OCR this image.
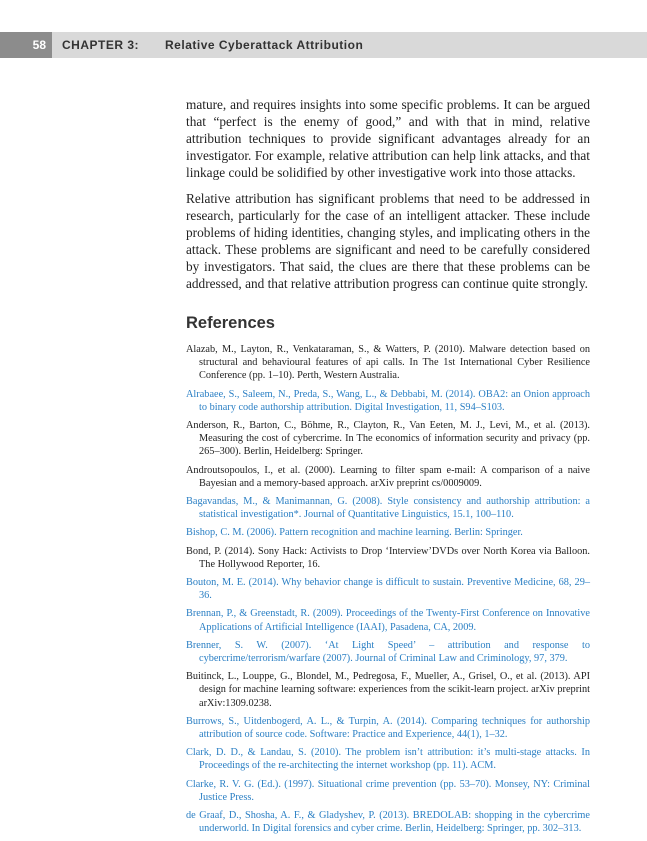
58	CHAPTER 3: Relative Cyberattack Attribution

mature, and requires insights into some specific problems. It can be argued that “perfect is the enemy of good,” and with that in mind, relative attribution techniques to provide significant advantages already for an investigator. For example, relative attribution can help link attacks, and that linkage could be solidified by other investigative work into those attacks.

Relative attribution has significant problems that need to be addressed in research, particularly for the case of an intelligent attacker. These include problems of hiding identities, changing styles, and implicating others in the attack. These problems are significant and need to be carefully considered by investigators. That said, the clues are there that these problems can be addressed, and that relative attribution progress can continue quite strongly.

References
Alazab, M., Layton, R., Venkataraman, S., & Watters, P. (2010). Malware detection based on structural and behavioural features of api calls. In The 1st International Cyber Resilience Conference (pp. 1–10). Perth, Western Australia.
Alrabaee, S., Saleem, N., Preda, S., Wang, L., & Debbabi, M. (2014). OBA2: an Onion approach to binary code authorship attribution. Digital Investigation, 11, S94–S103.
Anderson, R., Barton, C., Böhme, R., Clayton, R., Van Eeten, M. J., Levi, M., et al. (2013). Measuring the cost of cybercrime. In The economics of information security and privacy (pp. 265–300). Berlin, Heidelberg: Springer.
Androutsopoulos, I., et al. (2000). Learning to filter spam e-mail: A comparison of a naive Bayesian and a memory-based approach. arXiv preprint cs/0009009.
Bagavandas, M., & Manimannan, G. (2008). Style consistency and authorship attribution: a statistical investigation*. Journal of Quantitative Linguistics, 15.1, 100–110.
Bishop, C. M. (2006). Pattern recognition and machine learning. Berlin: Springer.
Bond, P. (2014). Sony Hack: Activists to Drop ‘Interview’DVDs over North Korea via Balloon. The Hollywood Reporter, 16.
Bouton, M. E. (2014). Why behavior change is difficult to sustain. Preventive Medicine, 68, 29–36.
Brennan, P., & Greenstadt, R. (2009). Proceedings of the Twenty-First Conference on Innovative Applications of Artificial Intelligence (IAAI), Pasadena, CA, 2009.
Brenner, S. W. (2007). ‘At Light Speed’ – attribution and response to cybercrime/terrorism/warfare (2007). Journal of Criminal Law and Criminology, 97, 379.
Buitinck, L., Louppe, G., Blondel, M., Pedregosa, F., Mueller, A., Grisel, O., et al. (2013). API design for machine learning software: experiences from the scikit-learn project. arXiv preprint arXiv:1309.0238.
Burrows, S., Uitdenbogerd, A. L., & Turpin, A. (2014). Comparing techniques for authorship attribution of source code. Software: Practice and Experience, 44(1), 1–32.
Clark, D. D., & Landau, S. (2010). The problem isn’t attribution: it’s multi-stage attacks. In Proceedings of the re-architecting the internet workshop (pp. 11). ACM.
Clarke, R. V. G. (Ed.). (1997). Situational crime prevention (pp. 53–70). Monsey, NY: Criminal Justice Press.
de Graaf, D., Shosha, A. F., & Gladyshev, P. (2013). BREDOLAB: shopping in the cybercrime underworld. In Digital forensics and cyber crime. Berlin, Heidelberg: Springer, pp. 302–313.
